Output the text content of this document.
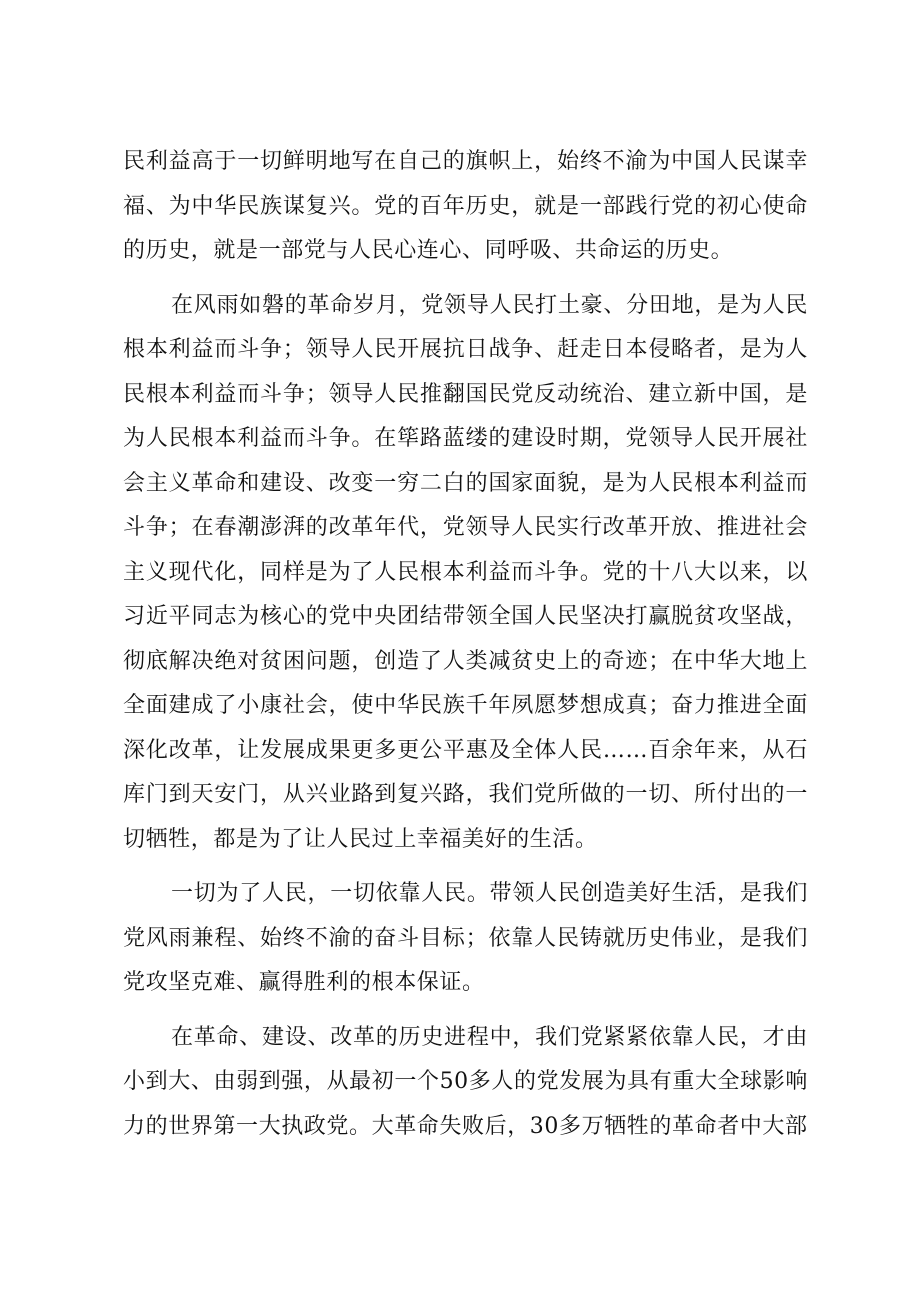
民利益高于一切鲜明地写在自己的旗帜上，始终不渝为中国人民谋幸福、为中华民族谋复兴。党的百年历史，就是一部践行党的初心使命的历史，就是一部党与人民心连心、同呼吸、共命运的历史。

在风雨如磐的革命岁月，党领导人民打土豪、分田地，是为人民根本利益而斗争；领导人民开展抗日战争、赶走日本侵略者，是为人民根本利益而斗争；领导人民推翻国民党反动统治、建立新中国，是为人民根本利益而斗争。在筚路蓝缕的建设时期，党领导人民开展社会主义革命和建设、改变一穷二白的国家面貌，是为人民根本利益而斗争；在春潮澎湃的改革年代，党领导人民实行改革开放、推进社会主义现代化，同样是为了人民根本利益而斗争。党的十八大以来，以习近平同志为核心的党中央团结带领全国人民坚决打赢脱贫攻坚战，彻底解决绝对贫困问题，创造了人类减贫史上的奇迹；在中华大地上全面建成了小康社会，使中华民族千年夙愿梦想成真；奋力推进全面深化改革，让发展成果更多更公平惠及全体人民……百余年来，从石库门到天安门，从兴业路到复兴路，我们党所做的一切、所付出的一切牺牲，都是为了让人民过上幸福美好的生活。

一切为了人民，一切依靠人民。带领人民创造美好生活，是我们党风雨兼程、始终不渝的奋斗目标；依靠人民铸就历史伟业，是我们党攻坚克难、赢得胜利的根本保证。

在革命、建设、改革的历史进程中，我们党紧紧依靠人民，才由小到大、由弱到强，从最初一个50多人的党发展为具有重大全球影响力的世界第一大执政党。大革命失败后，30多万牺牲的革命者中大部
